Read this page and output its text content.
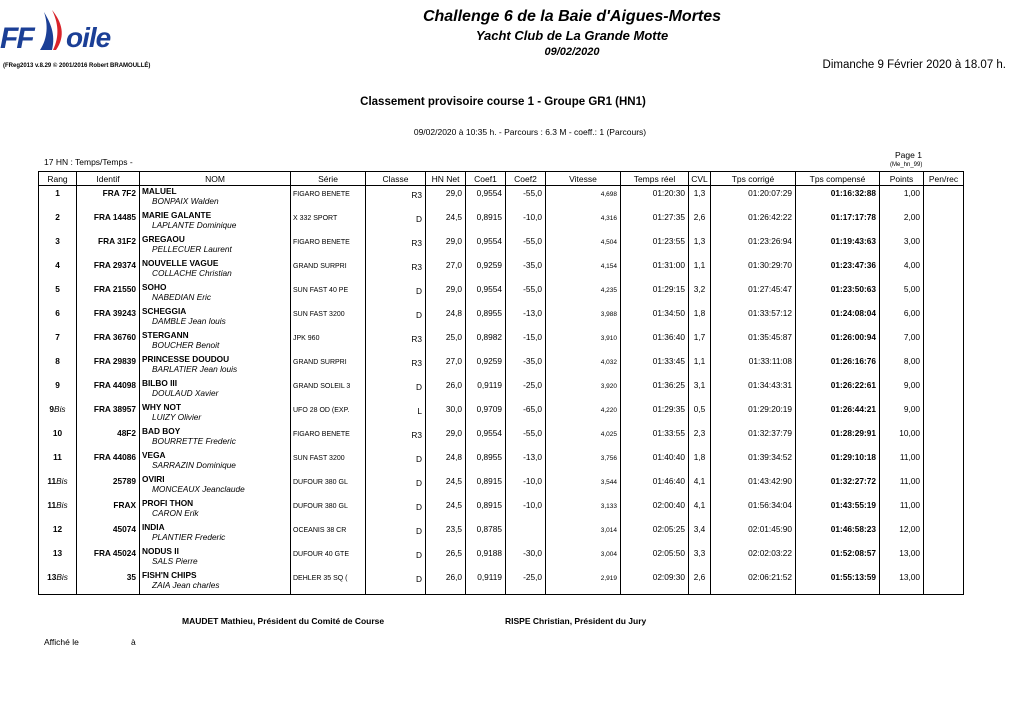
FF oile
Challenge 6 de la Baie d'Aigues-Mortes
Yacht Club de La Grande Motte
09/02/2020
(FReg2013 v.8.29 © 2001/2016 Robert BRAMOULLÉ)	Dimanche 9 Février 2020 à 18.07 h.
Classement provisoire course 1 - Groupe GR1 (HN1)
09/02/2020 à 10:35 h. - Parcours : 6.3 M - coeff.: 1 (Parcours)
Page 1
(Me_hn_99)
17 HN : Temps/Temps -
Rang	Identif	NOM	Série	Classe	HN Net	Coef1	Coef2	Vitesse	Temps réel	CVL	Tps corrigé	Tps compensé	Points	Pen/rec

1	FRA 7F2	MALUEL
BONPAIX Walden	FIGARO BENETE	R3	29,0	0,9554	-55,0	4,698	01:20:30	1,3	01:20:07:29	01:16:32:88	1,00	

2	FRA 14485	MARIE GALANTE
LAPLANTE Dominique	X 332 SPORT	D	24,5	0,8915	-10,0	4,316	01:27:35	2,6	01:26:42:22	01:17:17:78	2,00	

3	FRA 31F2	GREGAOU
PELLECUER Laurent	FIGARO BENETE	R3	29,0	0,9554	-55,0	4,504	01:23:55	1,3	01:23:26:94	01:19:43:63	3,00	

4	FRA 29374	NOUVELLE VAGUE
COLLACHE Christian	GRAND SURPRI	R3	27,0	0,9259	-35,0	4,154	01:31:00	1,1	01:30:29:70	01:23:47:36	4,00	

5	FRA 21550	SOHO
NABEDIAN Eric	SUN FAST 40 PE	D	29,0	0,9554	-55,0	4,235	01:29:15	3,2	01:27:45:47	01:23:50:63	5,00	

6	FRA 39243	SCHEGGIA
DAMBLE Jean louis	SUN FAST 3200	D	24,8	0,8955	-13,0	3,988	01:34:50	1,8	01:33:57:12	01:24:08:04	6,00	

7	FRA 36760	STERGANN
BOUCHER Benoit	JPK 960	R3	25,0	0,8982	-15,0	3,910	01:36:40	1,7	01:35:45:87	01:26:00:94	7,00	

8	FRA 29839	PRINCESSE DOUDOU
BARLATIER Jean louis	GRAND SURPRI	R3	27,0	0,9259	-35,0	4,032	01:33:45	1,1	01:33:11:08	01:26:16:76	8,00	

9	FRA 44098	BILBO III
DOULAUD Xavier	GRAND SOLEIL 3	D	26,0	0,9119	-25,0	3,920	01:36:25	3,1	01:34:43:31	01:26:22:61	9,00	

9Bis	FRA 38957	WHY NOT
LUIZY Olivier	UFO 28 OD (EXP.	L	30,0	0,9709	-65,0	4,220	01:29:35	0,5	01:29:20:19	01:26:44:21	9,00	

10	48F2	BAD BOY
BOURRETTE Frederic	FIGARO BENETE	R3	29,0	0,9554	-55,0	4,025	01:33:55	2,3	01:32:37:79	01:28:29:91	10,00	

11	FRA 44086	VEGA
SARRAZIN Dominique	SUN FAST 3200	D	24,8	0,8955	-13,0	3,756	01:40:40	1,8	01:39:34:52	01:29:10:18	11,00	

11Bis	25789	OVIRI
MONCEAUX Jeanclaude	DUFOUR 380 GL	D	24,5	0,8915	-10,0	3,544	01:46:40	4,1	01:43:42:90	01:32:27:72	11,00	

11Bis	FRAX	PROFI THON
CARON Erik	DUFOUR 380 GL	D	24,5	0,8915	-10,0	3,133	02:00:40	4,1	01:56:34:04	01:43:55:19	11,00	

12	45074	INDIA
PLANTIER Frederic	OCEANIS 38 CR	D	23,5	0,8785		3,014	02:05:25	3,4	02:01:45:90	01:46:58:23	12,00	

13	FRA 45024	NODUS II
SALS Pierre	DUFOUR 40 GTE	D	26,5	0,9188	-30,0	3,004	02:05:50	3,3	02:02:03:22	01:52:08:57	13,00	

13Bis	35	FISH'N CHIPS
ZAIA Jean charles	DEHLER 35 SQ (	D	26,0	0,9119	-25,0	2,919	02:09:30	2,6	02:06:21:52	01:55:13:59	13,00	

MAUDET Mathieu, Président du Comité de Course	RISPE Christian, Président du Jury
Affiché le	à
